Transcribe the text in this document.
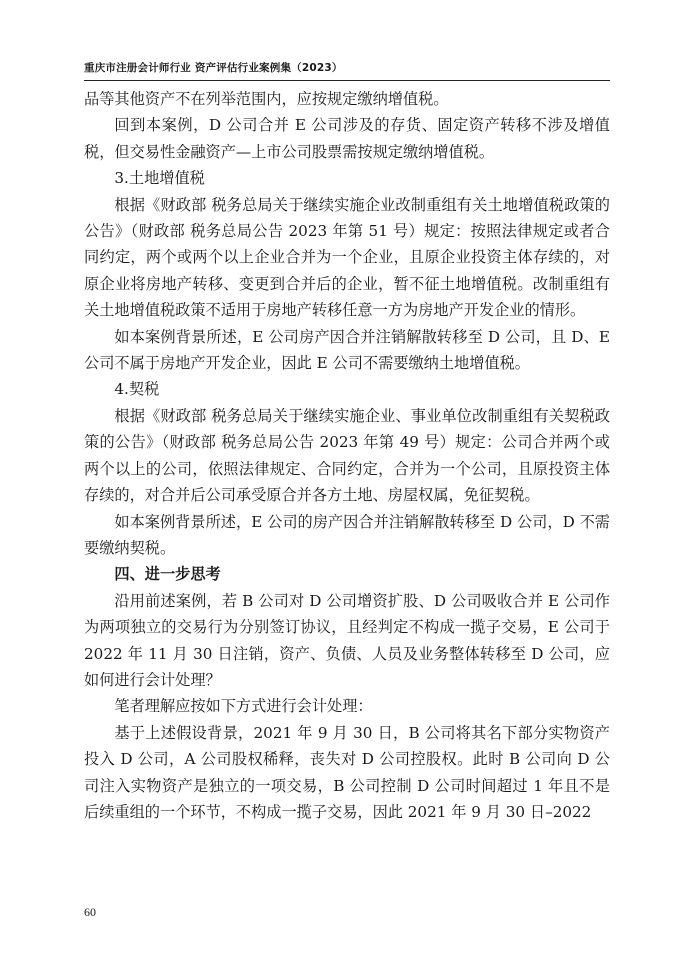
重庆市注册会计师行业 资产评估行业案例集（2023）

品等其他资产不在列举范围内，应按规定缴纳增值税。

回到本案例，D 公司合并 E 公司涉及的存货、固定资产转移不涉及增值税，但交易性金融资产—上市公司股票需按规定缴纳增值税。

3.土地增值税

根据《财政部 税务总局关于继续实施企业改制重组有关土地增值税政策的公告》（财政部 税务总局公告 2023 年第 51 号）规定：按照法律规定或者合同约定，两个或两个以上企业合并为一个企业，且原企业投资主体存续的，对原企业将房地产转移、变更到合并后的企业，暂不征土地增值税。改制重组有关土地增值税政策不适用于房地产转移任意一方为房地产开发企业的情形。

如本案例背景所述，E 公司房产因合并注销解散转移至 D 公司，且 D、E 公司不属于房地产开发企业，因此 E 公司不需要缴纳土地增值税。

4.契税

根据《财政部 税务总局关于继续实施企业、事业单位改制重组有关契税政策的公告》（财政部 税务总局公告 2023 年第 49 号）规定：公司合并两个或两个以上的公司，依照法律规定、合同约定，合并为一个公司，且原投资主体存续的，对合并后公司承受原合并各方土地、房屋权属，免征契税。

如本案例背景所述，E 公司的房产因合并注销解散转移至 D 公司，D 不需要缴纳契税。

四、进一步思考

沿用前述案例，若 B 公司对 D 公司增资扩股、D 公司吸收合并 E 公司作为两项独立的交易行为分别签订协议，且经判定不构成一揽子交易，E 公司于 2022 年 11 月 30 日注销，资产、负债、人员及业务整体转移至 D 公司，应如何进行会计处理？

笔者理解应按如下方式进行会计处理：

基于上述假设背景，2021 年 9 月 30 日，B 公司将其名下部分实物资产投入 D 公司，A 公司股权稀释，丧失对 D 公司控股权。此时 B 公司向 D 公司注入实物资产是独立的一项交易，B 公司控制 D 公司时间超过 1 年且不是后续重组的一个环节，不构成一揽子交易，因此 2021 年 9 月 30 日–2022

60
